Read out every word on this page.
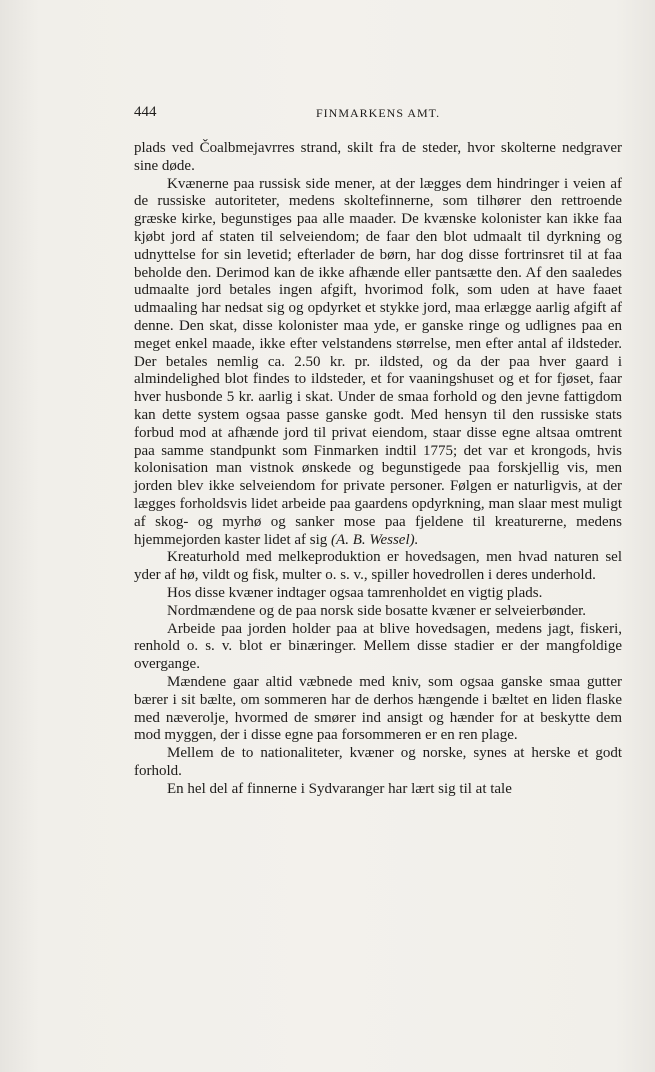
444	FINMARKENS AMT.

plads ved Čoalbmejavrres strand, skilt fra de steder, hvor skolterne nedgraver sine døde.

Kvænerne paa russisk side mener, at der lægges dem hindringer i veien af de russiske autoriteter, medens skoltefinnerne, som tilhører den rettroende græske kirke, begunstiges paa alle maader. De kvænske kolonister kan ikke faa kjøbt jord af staten til selveiendom; de faar den blot udmaalt til dyrkning og udnyttelse for sin levetid; efterlader de børn, har dog disse fortrinsret til at faa beholde den. Derimod kan de ikke afhænde eller pantsætte den. Af den saaledes udmaalte jord betales ingen afgift, hvorimod folk, som uden at have faaet udmaaling har nedsat sig og opdyrket et stykke jord, maa erlægge aarlig afgift af denne. Den skat, disse kolonister maa yde, er ganske ringe og udlignes paa en meget enkel maade, ikke efter velstandens størrelse, men efter antal af ildsteder. Der betales nemlig ca. 2.50 kr. pr. ildsted, og da der paa hver gaard i almindelighed blot findes to ildsteder, et for vaaningshuset og et for fjøset, faar hver husbonde 5 kr. aarlig i skat. Under de smaa forhold og den jevne fattigdom kan dette system ogsaa passe ganske godt. Med hensyn til den russiske stats forbud mod at afhænde jord til privat eiendom, staar disse egne altsaa omtrent paa samme standpunkt som Finmarken indtil 1775; det var et krongods, hvis kolonisation man vistnok ønskede og begunstigede paa forskjellig vis, men jorden blev ikke selveiendom for private personer. Følgen er naturligvis, at der lægges forholdsvis lidet arbeide paa gaardens opdyrkning, man slaar mest muligt af skog- og myrhø og sanker mose paa fjeldene til kreaturerne, medens hjemmejorden kaster lidet af sig (A. B. Wessel).

Kreaturhold med melkeproduktion er hovedsagen, men hvad naturen sel yder af hø, vildt og fisk, multer o. s. v., spiller hovedrollen i deres underhold.

Hos disse kvæner indtager ogsaa tamrenholdet en vigtig plads.

Nordmændene og de paa norsk side bosatte kvæner er selveierbønder.

Arbeide paa jorden holder paa at blive hovedsagen, medens jagt, fiskeri, renhold o. s. v. blot er binæringer. Mellem disse stadier er der mangfoldige overgange.

Mændene gaar altid væbnede med kniv, som ogsaa ganske smaa gutter bærer i sit bælte, om sommeren har de derhos hængende i bæltet en liden flaske med næverolje, hvormed de smører ind ansigt og hænder for at beskytte dem mod myggen, der i disse egne paa forsommeren er en ren plage.

Mellem de to nationaliteter, kvæner og norske, synes at herske et godt forhold.

En hel del af finnerne i Sydvaranger har lært sig til at tale
